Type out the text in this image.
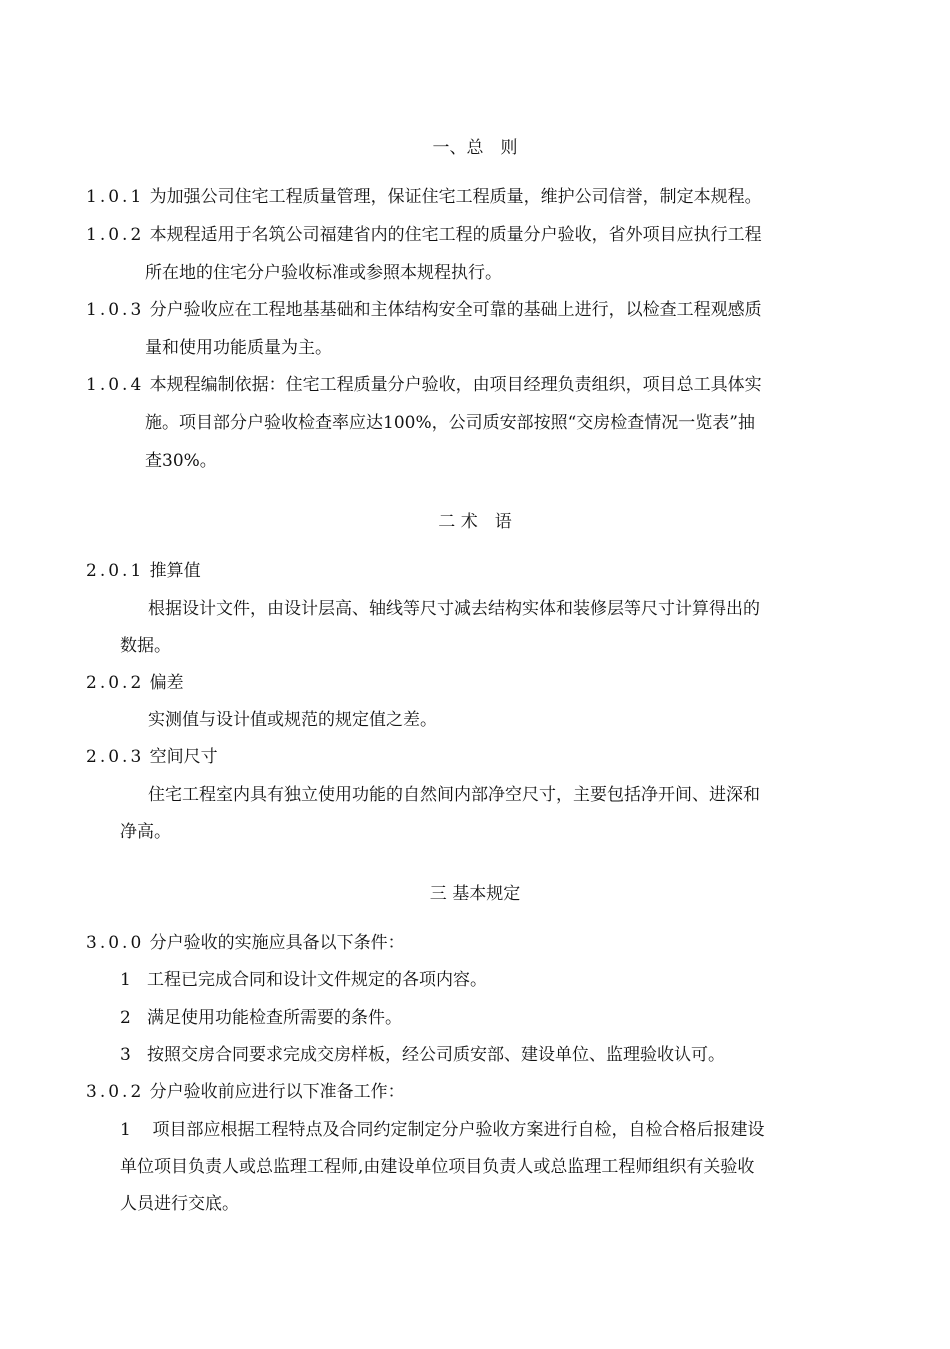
一、总　则
1.0.1 为加强公司住宅工程质量管理，保证住宅工程质量，维护公司信誉，制定本规程。
1.0.2 本规程适用于名筑公司福建省内的住宅工程的质量分户验收，省外项目应执行工程
所在地的住宅分户验收标准或参照本规程执行。
1.0.3 分户验收应在工程地基基础和主体结构安全可靠的基础上进行，以检查工程观感质
量和使用功能质量为主。
1.0.4 本规程编制依据：住宅工程质量分户验收，由项目经理负责组织，项目总工具体实
施。项目部分户验收检查率应达100%，公司质安部按照“交房检查情况一览表”抽
查30%。
二 术　语
2.0.1 推算值
根据设计文件，由设计层高、轴线等尺寸减去结构实体和装修层等尺寸计算得出的
数据。
2.0.2 偏差
实测值与设计值或规范的规定值之差。
2.0.3 空间尺寸
住宅工程室内具有独立使用功能的自然间内部净空尺寸，主要包括净开间、进深和
净高。
三 基本规定
3.0.0 分户验收的实施应具备以下条件：
1 工程已完成合同和设计文件规定的各项内容。
2 满足使用功能检查所需要的条件。
3 按照交房合同要求完成交房样板，经公司质安部、建设单位、监理验收认可。
3.0.2 分户验收前应进行以下准备工作：
1 项目部应根据工程特点及合同约定制定分户验收方案进行自检，自检合格后报建设
单位项目负责人或总监理工程师,由建设单位项目负责人或总监理工程师组织有关验收
人员进行交底。
